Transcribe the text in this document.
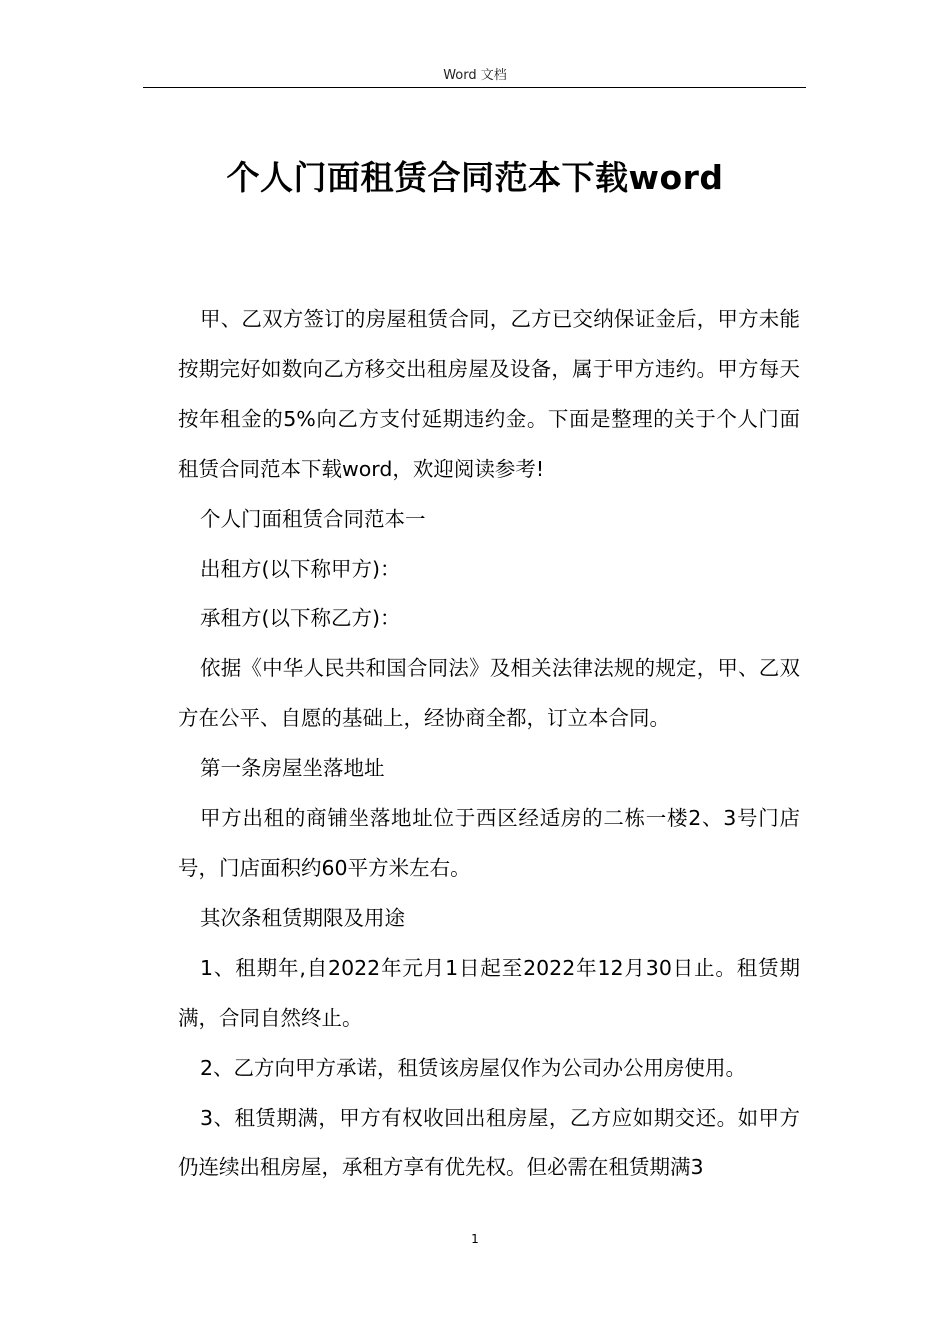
Word 文档
个人门面租赁合同范本下载word

甲、乙双方签订的房屋租赁合同，乙方已交纳保证金后，甲方未能按期完好如数向乙方移交出租房屋及设备，属于甲方违约。甲方每天按年租金的5%向乙方支付延期违约金。下面是整理的关于个人门面租赁合同范本下载word，欢迎阅读参考!

个人门面租赁合同范本一

出租方(以下称甲方)：

承租方(以下称乙方)：

依据《中华人民共和国合同法》及相关法律法规的规定，甲、乙双方在公平、自愿的基础上，经协商全都，订立本合同。

第一条房屋坐落地址

甲方出租的商铺坐落地址位于西区经适房的二栋一楼2、3号门店号，门店面积约60平方米左右。

其次条租赁期限及用途

1、租期年,自2022年元月1日起至2022年12月30日止。租赁期满，合同自然终止。

2、乙方向甲方承诺，租赁该房屋仅作为公司办公用房使用。

3、租赁期满，甲方有权收回出租房屋，乙方应如期交还。如甲方仍连续出租房屋，承租方享有优先权。但必需在租赁期满3

1
